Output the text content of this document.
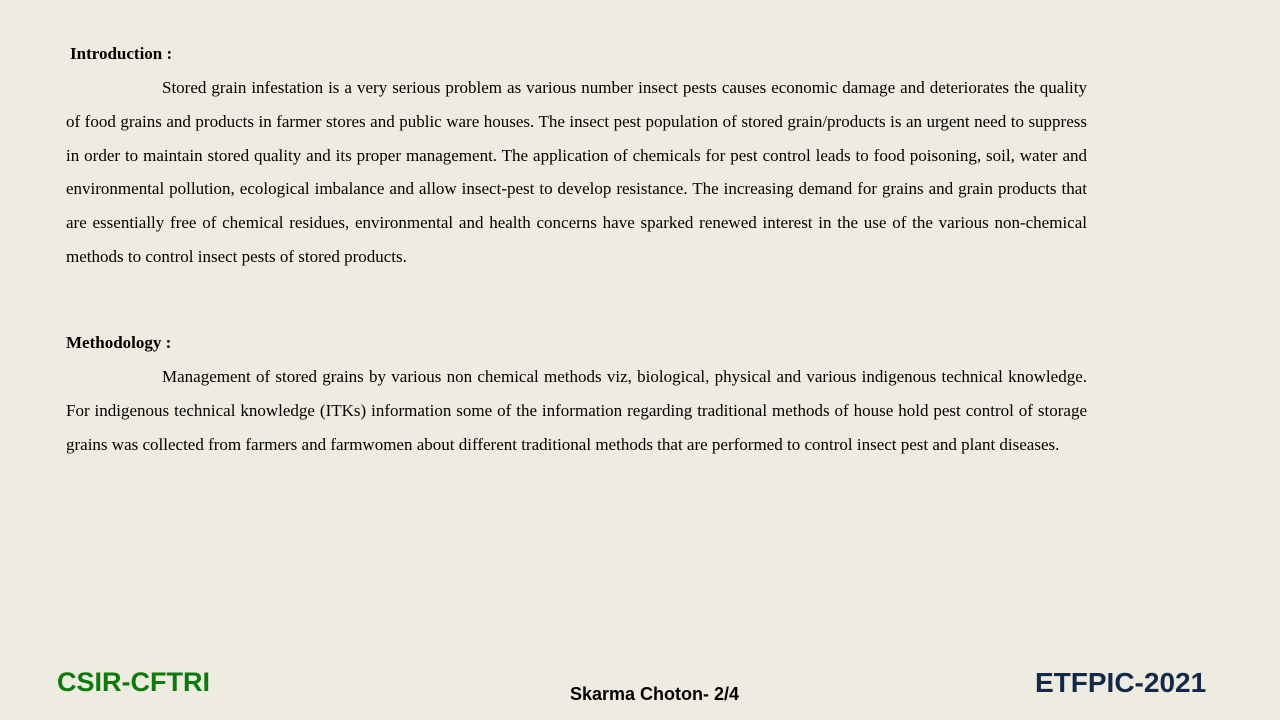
Introduction :

Stored grain infestation is a very serious problem as various number insect pests causes economic damage and deteriorates the quality of food grains and products in farmer stores and public ware houses. The insect pest population of stored grain/products is an urgent need to suppress in order to maintain stored quality and its proper management. The application of chemicals for pest control leads to food poisoning, soil, water and environmental pollution, ecological imbalance and allow insect-pest to develop resistance. The increasing demand for grains and grain products that are essentially free of chemical residues, environmental and health concerns have sparked renewed interest in the use of the various non-chemical methods to control insect pests of stored products.

Methodology :

Management of stored grains by various non chemical methods viz, biological, physical and various indigenous technical knowledge. For indigenous technical knowledge (ITKs) information some of the information regarding traditional methods of house hold pest control of storage grains was collected from farmers and farmwomen about different traditional methods that are performed to control insect pest and plant diseases.

CSIR-CFTRI	Skarma Choton- 2/4	ETFPIC-2021
